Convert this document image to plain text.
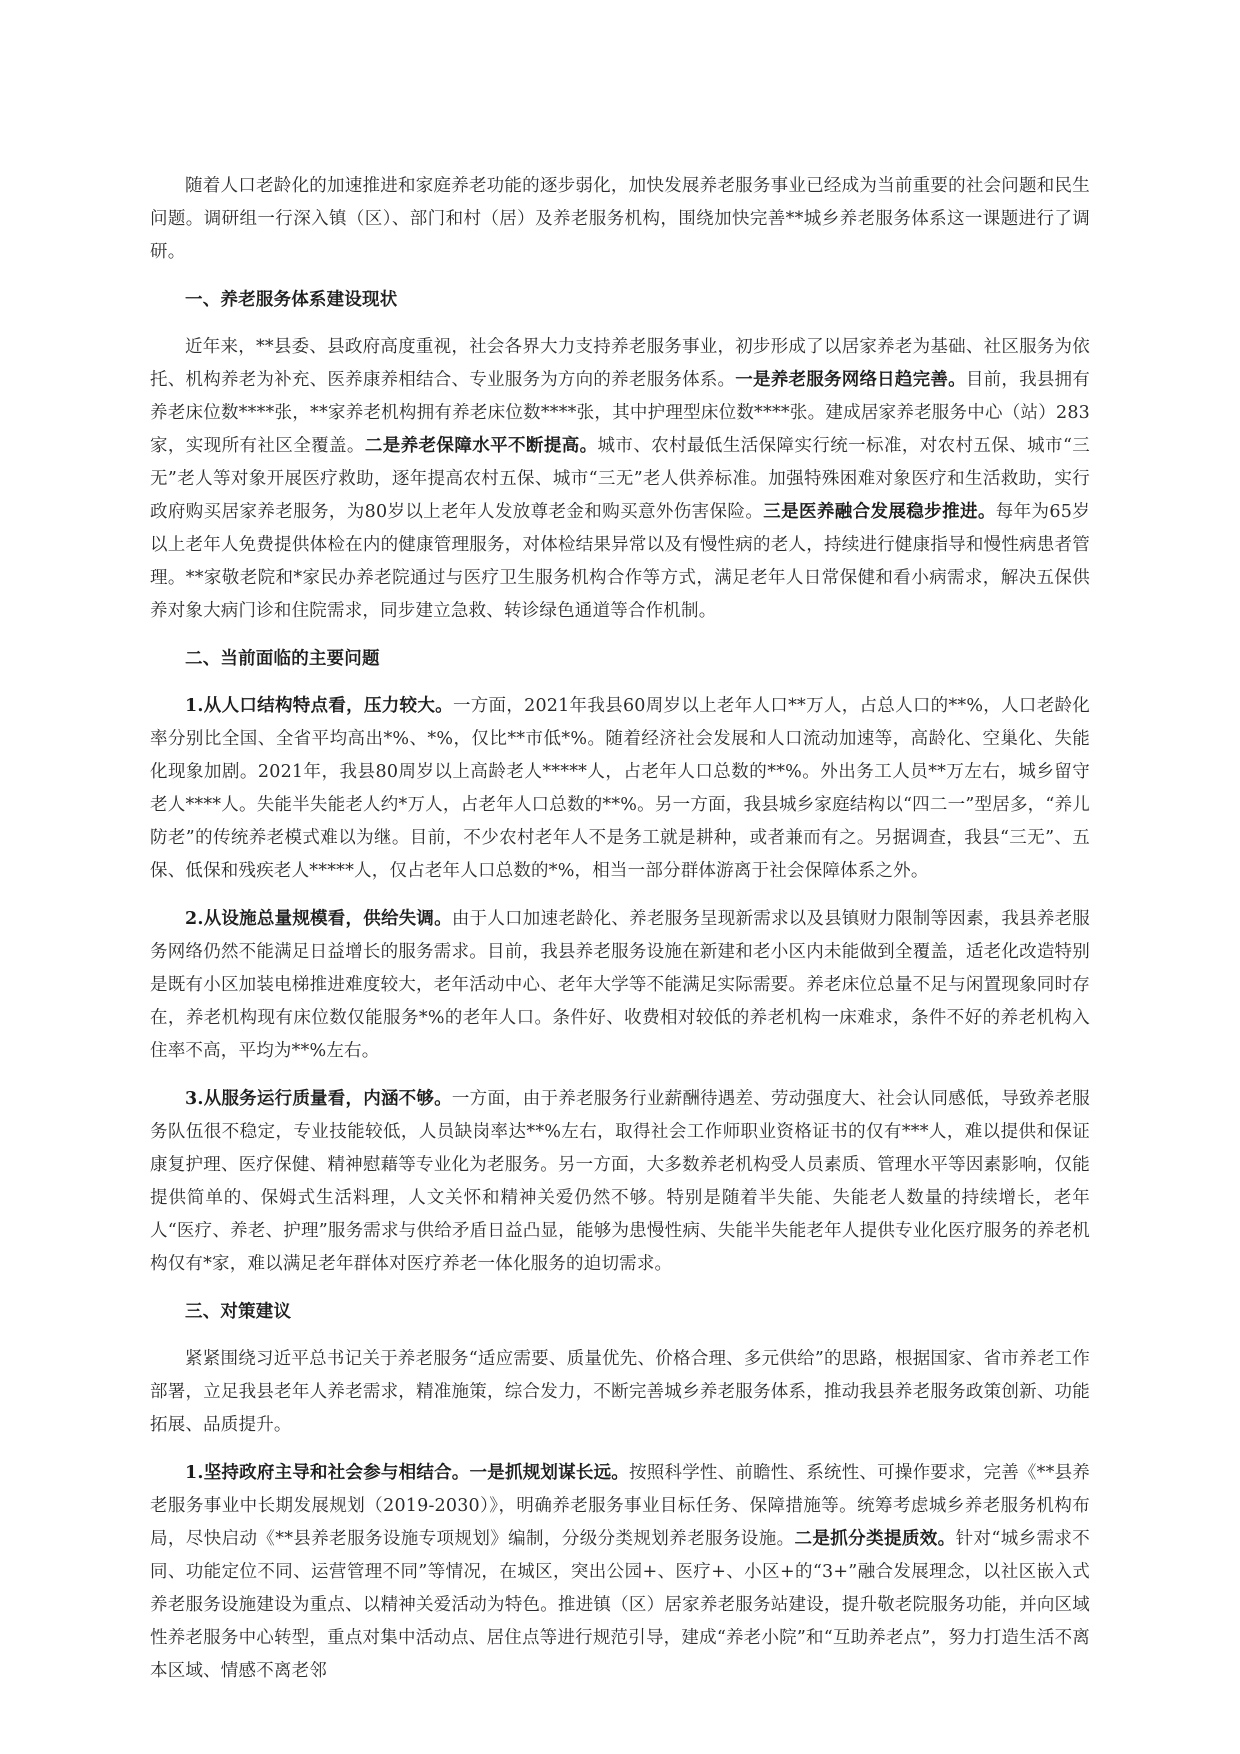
随着人口老龄化的加速推进和家庭养老功能的逐步弱化，加快发展养老服务事业已经成为当前重要的社会问题和民生问题。调研组一行深入镇（区）、部门和村（居）及养老服务机构，围绕加快完善**城乡养老服务体系这一课题进行了调研。

一、养老服务体系建设现状

近年来，**县委、县政府高度重视，社会各界大力支持养老服务事业，初步形成了以居家养老为基础、社区服务为依托、机构养老为补充、医养康养相结合、专业服务为方向的养老服务体系。一是养老服务网络日趋完善。目前，我县拥有养老床位数****张，**家养老机构拥有养老床位数****张，其中护理型床位数****张。建成居家养老服务中心（站）283家，实现所有社区全覆盖。二是养老保障水平不断提高。城市、农村最低生活保障实行统一标准，对农村五保、城市“三无”老人等对象开展医疗救助，逐年提高农村五保、城市“三无”老人供养标准。加强特殊困难对象医疗和生活救助，实行政府购买居家养老服务，为80岁以上老年人发放尊老金和购买意外伤害保险。三是医养融合发展稳步推进。每年为65岁以上老年人免费提供体检在内的健康管理服务，对体检结果异常以及有慢性病的老人，持续进行健康指导和慢性病患者管理。**家敬老院和*家民办养老院通过与医疗卫生服务机构合作等方式，满足老年人日常保健和看小病需求，解决五保供养对象大病门诊和住院需求，同步建立急救、转诊绿色通道等合作机制。

二、当前面临的主要问题

1.从人口结构特点看，压力较大。一方面，2021年我县60周岁以上老年人口**万人，占总人口的**%，人口老龄化率分别比全国、全省平均高出*%、*%，仅比**市低*%。随着经济社会发展和人口流动加速等，高龄化、空巢化、失能化现象加剧。2021年，我县80周岁以上高龄老人*****人，占老年人口总数的**%。外出务工人员**万左右，城乡留守老人****人。失能半失能老人约*万人，占老年人口总数的**%。另一方面，我县城乡家庭结构以“四二一”型居多，“养儿防老”的传统养老模式难以为继。目前，不少农村老年人不是务工就是耕种，或者兼而有之。另据调查，我县“三无”、五保、低保和残疾老人*****人，仅占老年人口总数的*%，相当一部分群体游离于社会保障体系之外。

2.从设施总量规模看，供给失调。由于人口加速老龄化、养老服务呈现新需求以及县镇财力限制等因素，我县养老服务网络仍然不能满足日益增长的服务需求。目前，我县养老服务设施在新建和老小区内未能做到全覆盖，适老化改造特别是既有小区加装电梯推进难度较大，老年活动中心、老年大学等不能满足实际需要。养老床位总量不足与闲置现象同时存在，养老机构现有床位数仅能服务*%的老年人口。条件好、收费相对较低的养老机构一床难求，条件不好的养老机构入住率不高，平均为**%左右。

3.从服务运行质量看，内涵不够。一方面，由于养老服务行业薪酬待遇差、劳动强度大、社会认同感低，导致养老服务队伍很不稳定，专业技能较低，人员缺岗率达**%左右，取得社会工作师职业资格证书的仅有***人，难以提供和保证康复护理、医疗保健、精神慰藉等专业化为老服务。另一方面，大多数养老机构受人员素质、管理水平等因素影响，仅能提供简单的、保姆式生活料理，人文关怀和精神关爱仍然不够。特别是随着半失能、失能老人数量的持续增长，老年人“医疗、养老、护理”服务需求与供给矛盾日益凸显，能够为患慢性病、失能半失能老年人提供专业化医疗服务的养老机构仅有*家，难以满足老年群体对医疗养老一体化服务的迫切需求。

三、对策建议

紧紧围绕习近平总书记关于养老服务“适应需要、质量优先、价格合理、多元供给”的思路，根据国家、省市养老工作部署，立足我县老年人养老需求，精准施策，综合发力，不断完善城乡养老服务体系，推动我县养老服务政策创新、功能拓展、品质提升。

1.坚持政府主导和社会参与相结合。一是抓规划谋长远。按照科学性、前瞻性、系统性、可操作要求，完善《**县养老服务事业中长期发展规划（2019-2030）》，明确养老服务事业目标任务、保障措施等。统筹考虑城乡养老服务机构布局，尽快启动《**县养老服务设施专项规划》编制，分级分类规划养老服务设施。二是抓分类提质效。针对“城乡需求不同、功能定位不同、运营管理不同”等情况，在城区，突出公园+、医疗+、小区+的“3+”融合发展理念，以社区嵌入式养老服务设施建设为重点、以精神关爱活动为特色。推进镇（区）居家养老服务站建设，提升敬老院服务功能，并向区域性养老服务中心转型，重点对集中活动点、居住点等进行规范引导，建成“养老小院”和“互助养老点”，努力打造生活不离本区域、情感不离老邻
